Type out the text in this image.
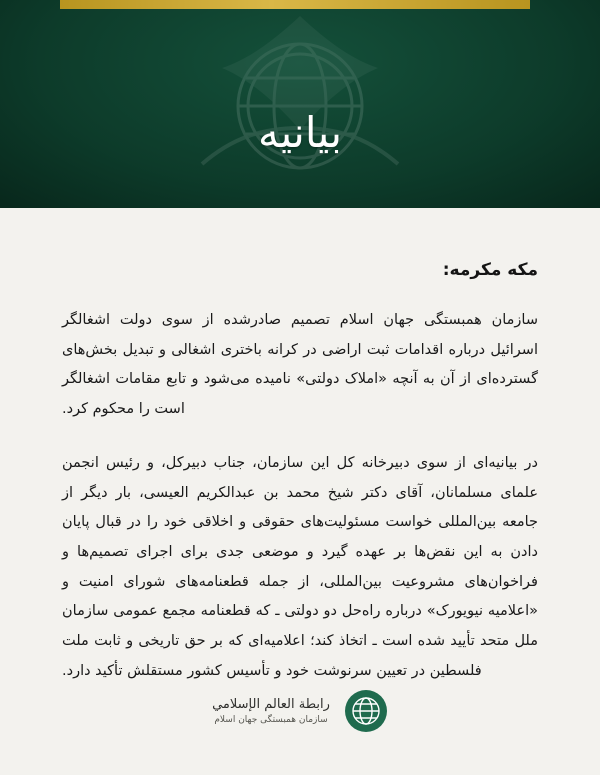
بیانیه

مکه مکرمه:

سازمان همبستگی جهان اسلام تصمیم صادرشده از سوی دولت اشغالگر اسرائیل درباره اقدامات ثبت اراضی در کرانه باختری اشغالی و تبدیل بخش‌های گسترده‌ای از آن به آنچه «املاک دولتی» نامیده می‌شود و تابع مقامات اشغالگر است را محکوم کرد.

در بیانیه‌ای از سوی دبیرخانه کل این سازمان، جناب دبیرکل، و رئیس انجمن علمای مسلمانان، آقای دکتر شیخ محمد بن عبدالکریم العیسی، بار دیگر از جامعه بین‌المللی خواست مسئولیت‌های حقوقی و اخلاقی خود را در قبال پایان دادن به این نقض‌ها بر عهده گیرد و موضعی جدی برای اجرای تصمیم‌ها و فراخوان‌های مشروعیت بین‌المللی، از جمله قطعنامه‌های شورای امنیت و «اعلامیه نیویورک» درباره راه‌حل دو دولتی ـ که قطعنامه مجمع عمومی سازمان ملل متحد تأیید شده است ـ اتخاذ کند؛ اعلامیه‌ای که بر حق تاریخی و ثابت ملت فلسطین در تعیین سرنوشت خود و تأسیس کشور مستقلش تأکید دارد.

رابطة العالم الإسلامي
سازمان همبستگی جهان اسلام
